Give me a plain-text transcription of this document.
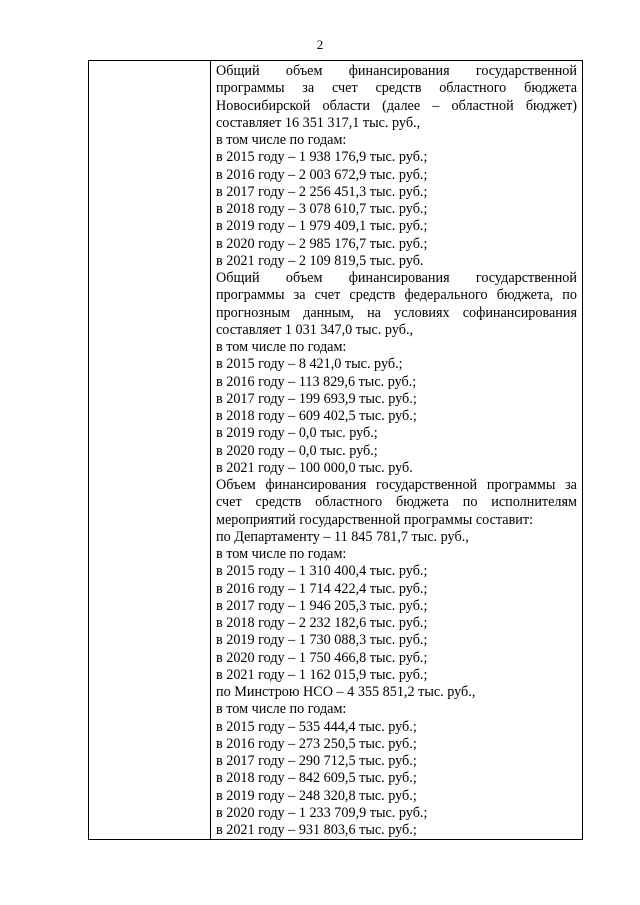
2
Общий объем финансирования государственной программы за счет средств областного бюджета Новосибирской области (далее – областной бюджет) составляет 16 351 317,1 тыс. руб.,
в том числе по годам:
в 2015 году – 1 938 176,9 тыс. руб.;
в 2016 году – 2 003 672,9 тыс. руб.;
в 2017 году – 2 256 451,3 тыс. руб.;
в 2018 году – 3 078 610,7 тыс. руб.;
в 2019 году – 1 979 409,1 тыс. руб.;
в 2020 году – 2 985 176,7 тыс. руб.;
в 2021 году – 2 109 819,5 тыс. руб.
Общий объем финансирования государственной программы за счет средств федерального бюджета, по прогнозным данным, на условиях софинансирования составляет 1 031 347,0 тыс. руб.,
в том числе по годам:
в 2015 году – 8 421,0 тыс. руб.;
в 2016 году – 113 829,6 тыс. руб.;
в 2017 году – 199 693,9 тыс. руб.;
в 2018 году – 609 402,5 тыс. руб.;
в 2019 году – 0,0 тыс. руб.;
в 2020 году – 0,0 тыс. руб.;
в 2021 году – 100 000,0 тыс. руб.
Объем финансирования государственной программы за счет средств областного бюджета по исполнителям мероприятий государственной программы составит:
по Департаменту – 11 845 781,7 тыс. руб.,
в том числе по годам:
в 2015 году – 1 310 400,4 тыс. руб.;
в 2016 году – 1 714 422,4 тыс. руб.;
в 2017 году – 1 946 205,3 тыс. руб.;
в 2018 году – 2 232 182,6 тыс. руб.;
в 2019 году – 1 730 088,3 тыс. руб.;
в 2020 году – 1 750 466,8 тыс. руб.;
в 2021 году – 1 162 015,9 тыс. руб.;
по Минстрою НСО – 4 355 851,2 тыс. руб.,
в том числе по годам:
в 2015 году – 535 444,4 тыс. руб.;
в 2016 году – 273 250,5 тыс. руб.;
в 2017 году – 290 712,5 тыс. руб.;
в 2018 году – 842 609,5 тыс. руб.;
в 2019 году – 248 320,8 тыс. руб.;
в 2020 году – 1 233 709,9 тыс. руб.;
в 2021 году – 931 803,6 тыс. руб.;
